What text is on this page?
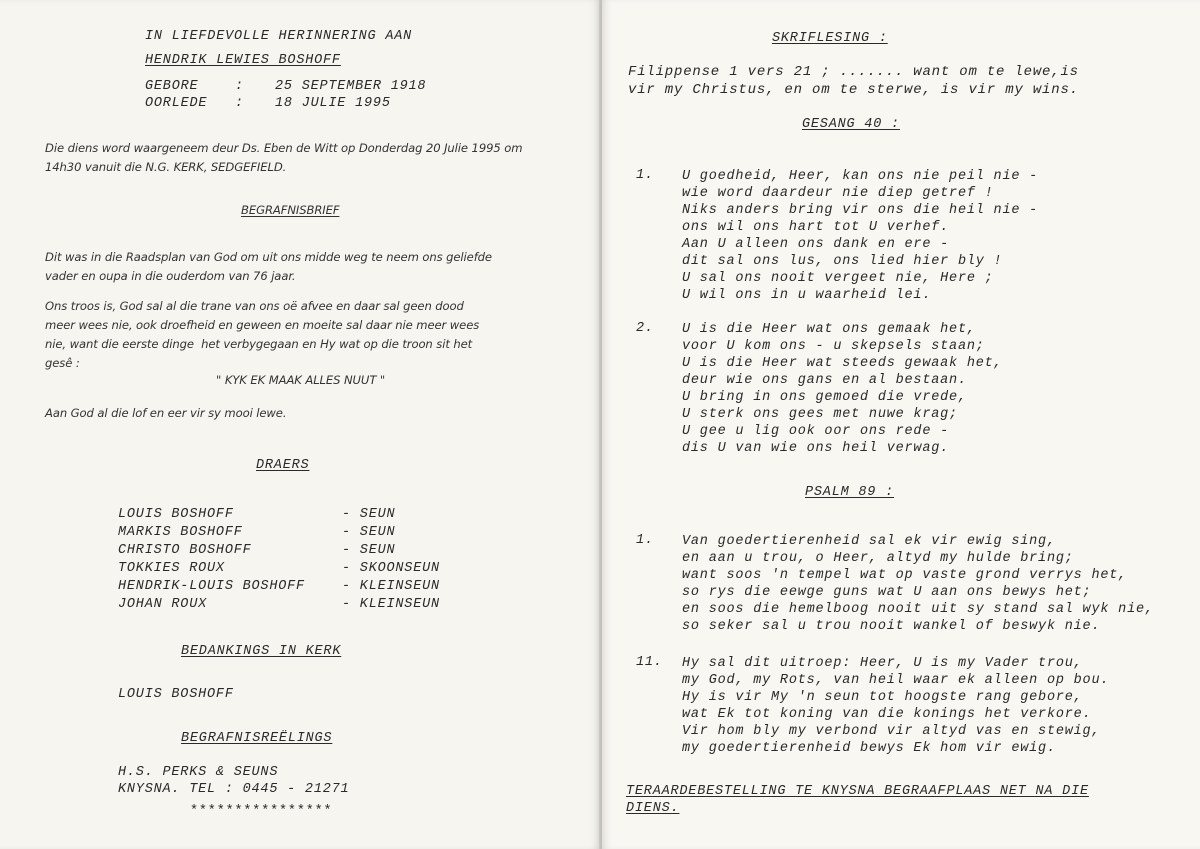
IN LIEFDEVOLLE HERINNERING AAN
HENDRIK LEWIES BOSHOFF
GEBORE	: 25 SEPTEMBER 1918
OORLEDE : 18 JULIE 1995
Die diens word waargeneem deur Ds. Eben de Witt op Donderdag 20 Julie 1995 om
14h30 vanuit die N.G. KERK, SEDGEFIELD.
BEGRAFNISBRIEF
Dit was in die Raadsplan van God om uit ons midde weg te neem ons geliefde
vader en oupa in die ouderdom van 76 jaar.
Ons troos is, God sal al die trane van ons oë afvee en daar sal geen dood
meer wees nie, ook droefheid en geween en moeite sal daar nie meer wees
nie, want die eerste dinge  het verbygegaan en Hy wat op die troon sit het
gesê :
" KYK EK MAAK ALLES NUUT "
Aan God al die lof en eer vir sy mooi lewe.
DRAERS
LOUIS BOSHOFF	- SEUN
MARKIS BOSHOFF	- SEUN
CHRISTO BOSHOFF	- SEUN
TOKKIES ROUX	- SKOONSEUN
HENDRIK-LOUIS BOSHOFF	- KLEINSEUN
JOHAN ROUX	- KLEINSEUN
BEDANKINGS IN KERK
LOUIS BOSHOFF
BEGRAFNISREËLINGS
H.S. PERKS & SEUNS
KNYSNA. TEL : 0445 - 21271
****************
SKRIFLESING :
Filippense 1 vers 21 ; ....... want om te lewe,is
vir my Christus, en om te sterwe, is vir my wins.
GESANG 40 :
1. U goedheid, Heer, kan ons nie peil nie -
wie word daardeur nie diep getref !
Niks anders bring vir ons die heil nie -
ons wil ons hart tot U verhef.
Aan U alleen ons dank en ere -
dit sal ons lus, ons lied hier bly !
U sal ons nooit vergeet nie, Here ;
U wil ons in u waarheid lei.
2. U is die Heer wat ons gemaak het,
voor U kom ons - u skepsels staan;
U is die Heer wat steeds gewaak het,
deur wie ons gans en al bestaan.
U bring in ons gemoed die vrede,
U sterk ons gees met nuwe krag;
U gee u lig ook oor ons rede -
dis U van wie ons heil verwag.
PSALM 89 :
1. Van goedertierenheid sal ek vir ewig sing,
en aan u trou, o Heer, altyd my hulde bring;
want soos 'n tempel wat op vaste grond verrys het,
so rys die eewge guns wat U aan ons bewys het;
en soos die hemelboog nooit uit sy stand sal wyk nie,
so seker sal u trou nooit wankel of beswyk nie.
11. Hy sal dit uitroep: Heer, U is my Vader trou,
my God, my Rots, van heil waar ek alleen op bou.
Hy is vir My 'n seun tot hoogste rang gebore,
wat Ek tot koning van die konings het verkore.
Vir hom bly my verbond vir altyd vas en stewig,
my goedertierenheid bewys Ek hom vir ewig.
TERAARDEBESTELLING TE KNYSNA BEGRAAFPLAAS NET NA DIE
DIENS.
